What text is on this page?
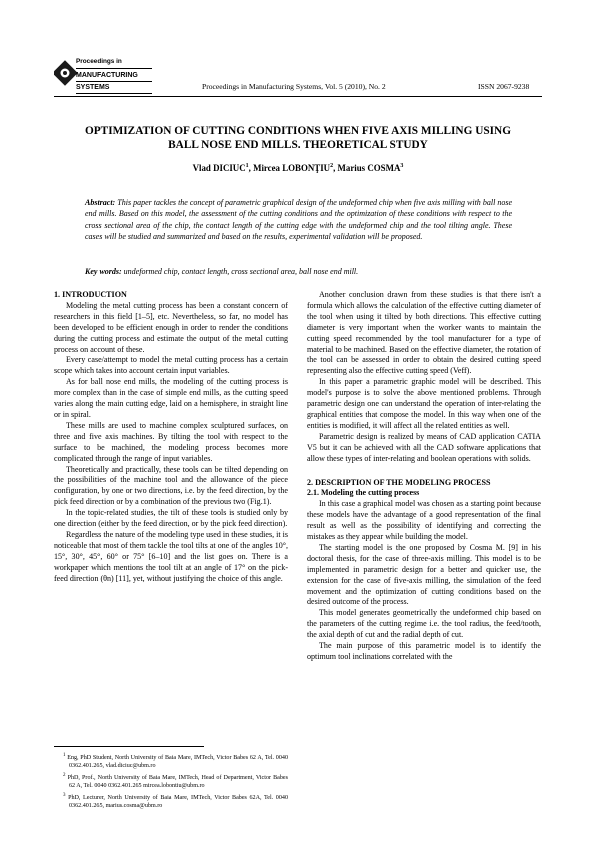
Proceedings in
MANUFACTURING
SYSTEMS	Proceedings in Manufacturing Systems, Vol. 5 (2010), No. 2	ISSN 2067-9238
OPTIMIZATION OF CUTTING CONDITIONS WHEN FIVE AXIS MILLING USING
BALL NOSE END MILLS. THEORETICAL STUDY
Vlad DICIUC$^1$, Mircea LOBONŢIU$^2$, Marius COSMA$^3$
Abstract: This paper tackles the concept of parametric graphical design of the undeformed chip when five axis milling with ball nose end mills. Based on this model, the assessment of the cutting conditions and the optimization of these conditions with respect to the cross sectional area of the chip, the contact length of the cutting edge with the undeformed chip and the tool tilting angle. These cases will be studied and summarized and based on the results, experimental validation will be proposed.
Key words: undeformed chip, contact length, cross sectional area, ball nose end mill.

1. INTRODUCTION

Modeling the metal cutting process has been a constant concern of researchers in this field [1–5], etc. Nevertheless, so far, no model has been developed to be efficient enough in order to render the conditions during the cutting process and estimate the output of the metal cutting process on account of these.

Every case/attempt to model the metal cutting process has a certain scope which takes into account certain input variables.

As for ball nose end mills, the modeling of the cutting process is more complex than in the case of simple end mills, as the cutting speed varies along the main cutting edge, laid on a hemisphere, in straight line or in spiral.

These mills are used to machine complex sculptured surfaces, on three and five axis machines. By tilting the tool with respect to the surface to be machined, the modeling process becomes more complicated through the range of input variables.

Theoretically and practically, these tools can be tilted depending on the possibilities of the machine tool and the allowance of the piece configuration, by one or two directions, i.e. by the feed direction, by the pick feed direction or by a combination of the previous two (Fig.1).

In the topic-related studies, the tilt of these tools is studied only by one direction (either by the feed direction, or by the pick feed direction).

Regardless the nature of the modeling type used in these studies, it is noticeable that most of them tackle the tool tilts at one of the angles 10°, 15°, 30°, 45°, 60° or 75° [6–10] and the list goes on. There is a workpaper which mentions the tool tilt at an angle of 17° on the pick-feed direction (θn) [11], yet, without justifying the choice of this angle.

$^1$ Eng, PhD Student, North University of Baia Mare, IMTech, Victor Babes 62 A, Tel. 0040 0362.401.265, vlad.diciuc@ubm.ro

$^2$ PhD, Prof., North University of Baia Mare, IMTech, Head of Department, Victor Babes 62 A, Tel. 0040 0362.401.265 mircea.lobontiu@ubm.ro

$^3$ PhD, Lecturer, North University of Baia Mare, IMTech, Victor Babes 62A, Tel. 0040 0362.401.265, marius.cosma@ubm.ro

Another conclusion drawn from these studies is that there isn't a formula which allows the calculation of the effective cutting diameter of the tool when using it tilted by both directions. This effective cutting diameter is very important when the worker wants to maintain the cutting speed recommended by the tool manufacturer for a type of material to be machined. Based on the effective diameter, the rotation of the tool can be assessed in order to obtain the desired cutting speed representing also the effective cutting speed (Veff).

In this paper a parametric graphic model will be described. This model's purpose is to solve the above mentioned problems. Through parametric design one can understand the operation of inter-relating the graphical entities that compose the model. In this way when one of the entities is modified, it will affect all the related entities as well.

Parametric design is realized by means of CAD application CATIA V5 but it can be achieved with all the CAD software applications that allow these types of inter-relating and boolean operations with solids.

2. DESCRIPTION OF THE MODELING PROCESS

2.1. Modeling the cutting process

In this case a graphical model was chosen as a starting point because these models have the advantage of a good representation of the final result as well as the possibility of identifying and correcting the mistakes as they appear while building the model.

The starting model is the one proposed by Cosma M. [9] in his doctoral thesis, for the case of three-axis milling. This model is to be implemented in parametric design for a better and quicker use, the extension for the case of five-axis milling, the simulation of the feed movement and the optimization of cutting conditions based on the desired outcome of the process.

This model generates geometrically the undeformed chip based on the parameters of the cutting regime i.e. the tool radius, the feed/tooth, the axial depth of cut and the radial depth of cut.

The main purpose of this parametric model is to identify the optimum tool inclinations correlated with the
